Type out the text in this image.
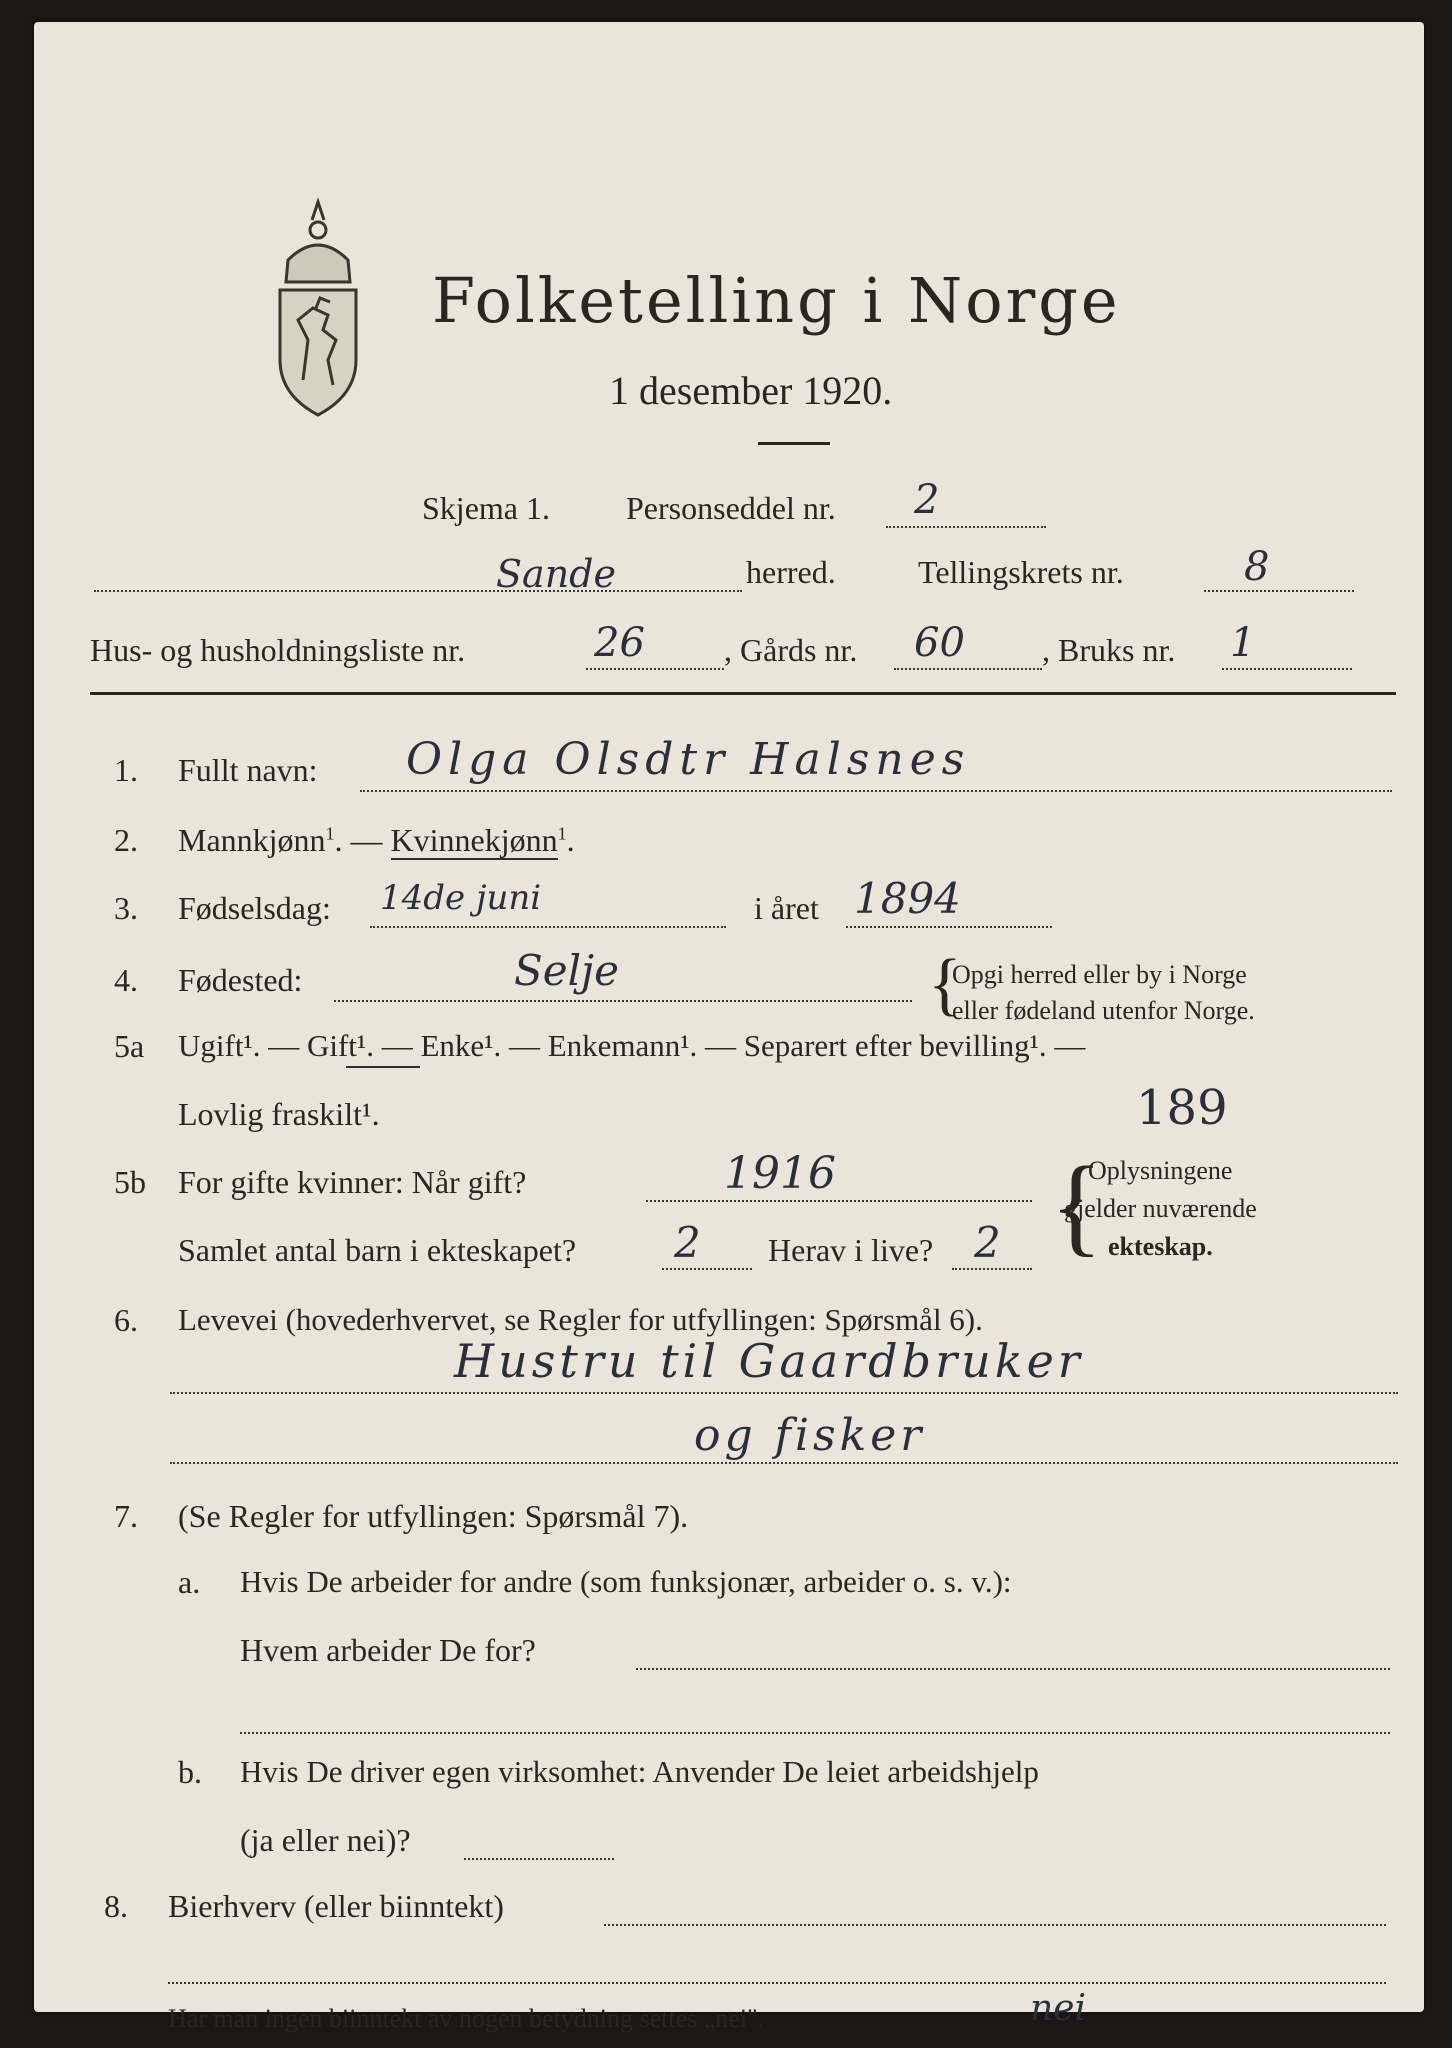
Folketelling i Norge
1 desember 1920.
Skjema 1. Personseddel nr. 2
Sande	herred.	Tellingskrets nr.	8
Hus- og husholdningsliste nr.	26 , Gårds nr. 60 , Bruks nr. 1
1. Fullt navn: Olga Olsdtr Halsnes
2. Mannkjønn$^1$. — Kvinnekjønn$^1$.
3. Fødselsdag: 14de juni	i året 1894
4. Fødested:	Selje	{
Opgi herred eller by i Norge
eller fødeland utenfor Norge.
5a Ugift¹. — Gift¹. — Enke¹. — Enkemann¹. — Separert efter bevilling¹. —
Lovlig fraskilt¹.	189
5b For gifte kvinner: Når gift?	1916
Samlet antal barn i ekteskapet? 2 Herav i live? 2 {
Oplysningene
gjelder nuværende
ekteskap.
6. Levevei (hovederhvervet, se Regler for utfyllingen: Spørsmål 6).
Hustru til Gaardbruker
og fisker
7. (Se Regler for utfyllingen: Spørsmål 7).
a. Hvis De arbeider for andre (som funksjonær, arbeider o. s. v.):
Hvem arbeider De for?
b. Hvis De driver egen virksomhet: Anvender De leiet arbeidshjelp
(ja eller nei)?
8. Bierhverv (eller biinntekt)
Har man ingen biinntekt av nogen betydning settes „nei".	nei
